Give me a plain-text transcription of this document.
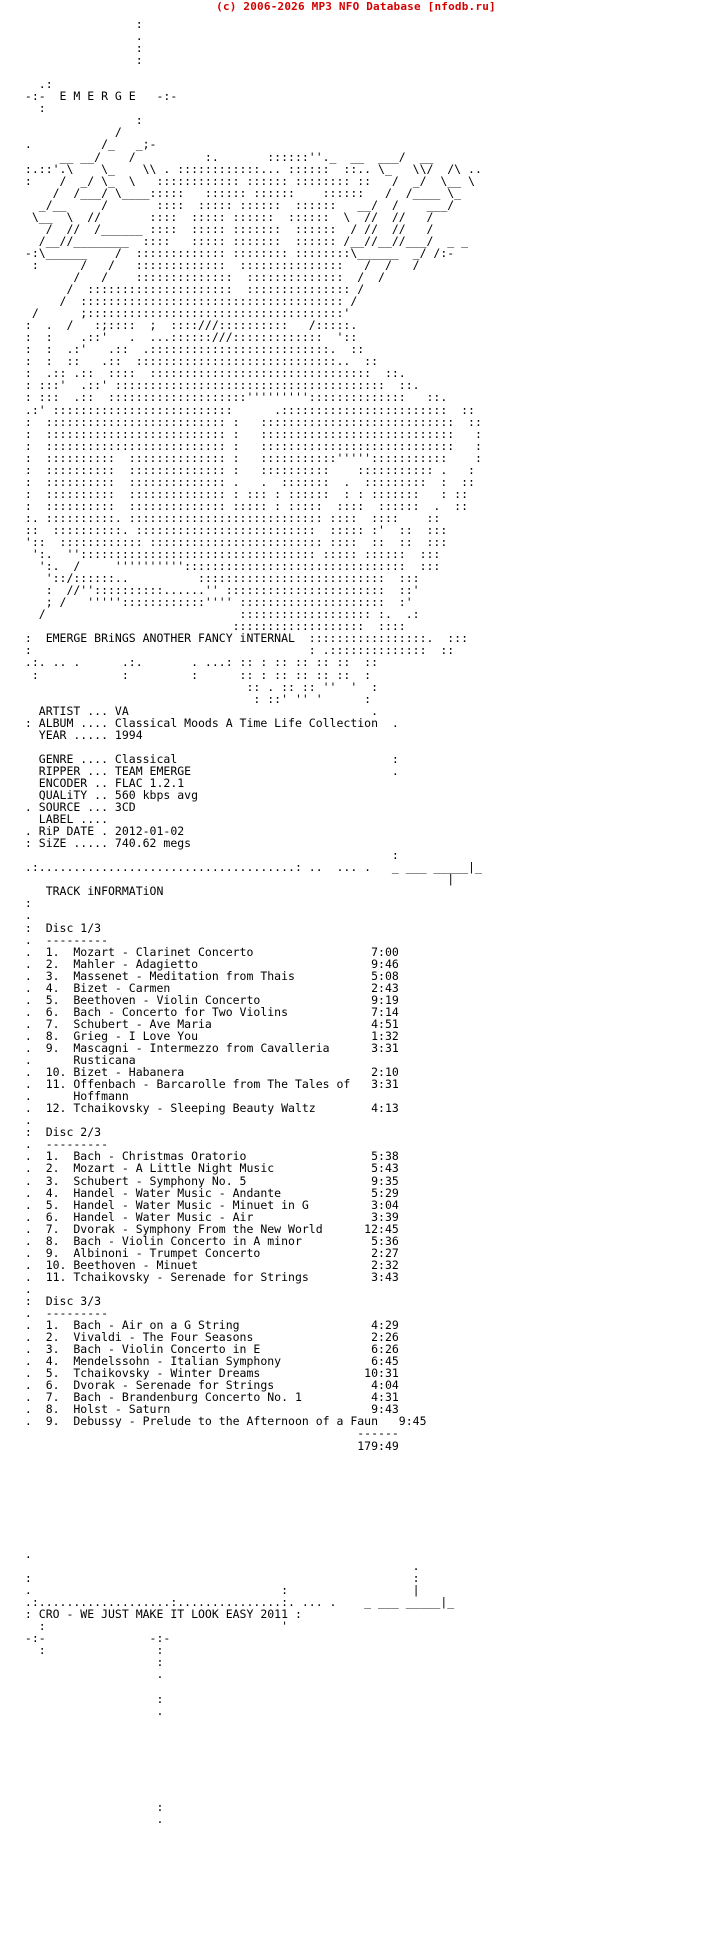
(c) 2006-2026 MP3 NFO Database [nfodb.ru]
:
.
:
:
.:
-:-  E M E R G E   -:-
:
:
/
.          /_   _;-
__ __/    /          :.       ::::::''._  __  ___/  __
:.::'.\    \_    \\ . ::::::::::::... ::::::  ::.. \_   \\/  /\ ..
:    /  _/ \_  \   :::::::::::: :::::: :::::::: ::   /  _/  \__ \
/  /___/ \____:::::   :::::: ::::::    ::::::   /  /____ \_
_/__     /       ::::  ::::: ::::::  ::::::   __/  /    ___/
\__  \  //       ::::  ::::: ::::::  ::::::  \  //  //   /
/  //  /______ ::::  ::::: :::::::  ::::::  / //  //   /
/__//________  ::::   ::::: :::::::  :::::: /__//__//___/  _ _
-:\______    /  ::::::::::::: :::::::: ::::::::\______  _/ /:-
:      /   /   :::::::::::::  :::::::::::::::   /  /   /
/   /    ::::::::::::::  ::::::::::::::  /  /
/  :::::::::::::::::::::  ::::::::::::::: /
/  :::::::::::::::::::::::::::::::::::::: /
/      ;:::::::::::::::::::::::::::::::::::::'
:  .  /   :;::::  ;  ::::///::::::::::   /:::::.
:  :    .::'   .  ...::::::///:::::::::::::  '::
:  :  .:'   .::  .::::::::::::::::::::::::::.  ::
:  :  ::   .::  :::::::::::::::::::::::::::::..  ::
:  .:: .::  ::::  ::::::::::::::::::::::::::::::::  ::.
: :::'  .::' :::::::::::::::::::::::::::::::::::::::  ::.
: :::  .::  ::::::::::::::::::::'''''''''::::::::::::::   ::.
.:' ::::::::::::::::::::::::::      .::::::::::::::::::::::::  ::
:  :::::::::::::::::::::::::: :   ::::::::::::::::::::::::::::  ::
:  :::::::::::::::::::::::::: :   ::::::::::::::::::::::::::::   :
:  :::::::::::::::::::::::::: :   ::::::::::::::::::::::::::::   :
:  ::::::::::  :::::::::::::: :   :::::::::::''''':::::::::::    :
:  ::::::::::  :::::::::::::: :   ::::::::::    ::::::::::: .   :
:  ::::::::::  :::::::::::::: .   .  :::::::  .  :::::::::  :  ::
:  ::::::::::  :::::::::::::: : ::: : ::::::  : : :::::::   : ::
:  ::::::::::  :::::::::::::: ::::: : :::::  ::::  ::::::  .  ::
:. ::::::::::. :::::::::::::::::::::::::::: ::::  ::::    ::
::  ::::::::::. ::::::::::::::::::::::::::  ::::: :'  ::  :::
'::  :::::::::::: ::::::::::::::::::::::::: ::::  ::  ::  :::
':.  '':::::::::::::::::::::::::::::::::: ::::: ::::::  :::
':.  /     ''''''''''::::::::::::::::::::::::::::::::  :::
'::/::::::..          :::::::::::::::::::::::::::  :::
:  //''::::::::::......'' :::::::::::::::::::::::  ::'
; /   '''''::::::::::::'''' :::::::::::::::::::::  :'
/                            ::::::::::::::::::: :.  .:
:::::::::::::::::::  ::::
:  EMERGE BRiNGS ANOTHER FANCY iNTERNAL  :::::::::::::::::.  :::
:                                        : .::::::::::::::  ::
.:. .. .      .:.       . ...: :: : :: :: :: ::  ::
:            :         :      :: : :: :: :: ::  :
:: . :: :: ''  '  :
: ::' '' '      :
ARTIST ... VA                                   .
: ALBUM .... Classical Moods A Time Life Collection  .
YEAR ..... 1994
GENRE .... Classical                               :
RIPPER ... TEAM EMERGE                             .
ENCODER .. FLAC 1.2.1
QUALiTY .. 560 kbps avg
. SOURCE ... 3CD
LABEL ....
. RiP DATE . 2012-01-02
: SiZE ..... 740.62 megs
:
.:.....................................: ..  ... .   _ ___ _____|_
|
TRACK iNFORMATiON
:
.
:  Disc 1/3
.  ---------
.  1.  Mozart - Clarinet Concerto                 7:00
.  2.  Mahler - Adagietto                         9:46
.  3.  Massenet - Meditation from Thais           5:08
.  4.  Bizet - Carmen                             2:43
.  5.  Beethoven - Violin Concerto                9:19
.  6.  Bach - Concerto for Two Violins            7:14
.  7.  Schubert - Ave Maria                       4:51
.  8.  Grieg - I Love You                         1:32
.  9.  Mascagni - Intermezzo from Cavalleria      3:31
.      Rusticana
.  10. Bizet - Habanera                           2:10
.  11. Offenbach - Barcarolle from The Tales of   3:31
.      Hoffmann
.  12. Tchaikovsky - Sleeping Beauty Waltz        4:13
.
:  Disc 2/3
.  ---------
.  1.  Bach - Christmas Oratorio                  5:38
.  2.  Mozart - A Little Night Music              5:43
.  3.  Schubert - Symphony No. 5                  9:35
.  4.  Handel - Water Music - Andante             5:29
.  5.  Handel - Water Music - Minuet in G         3:04
.  6.  Handel - Water Music - Air                 3:39
.  7.  Dvorak - Symphony From the New World      12:45
.  8.  Bach - Violin Concerto in A minor          5:36
.  9.  Albinoni - Trumpet Concerto                2:27
.  10. Beethoven - Minuet                         2:32
.  11. Tchaikovsky - Serenade for Strings         3:43
.
:  Disc 3/3
.  ---------
.  1.  Bach - Air on a G String                   4:29
.  2.  Vivaldi - The Four Seasons                 2:26
.  3.  Bach - Violin Concerto in E                6:26
.  4.  Mendelssohn - Italian Symphony             6:45
.  5.  Tchaikovsky - Winter Dreams               10:31
.  6.  Dvorak - Serenade for Strings              4:04
.  7.  Bach - Brandenburg Concerto No. 1          4:31
.  8.  Holst - Saturn                             9:43
.  9.  Debussy - Prelude to the Afternoon of a Faun   9:45
------
179:49
.
.
:                                                       :
.                                    :                  |
.:...................:...............:. ... .    _ ___ _____|_
: CRO - WE JUST MAKE IT LOOK EASY 2011 :
:                                  '
-:-               -:-
:                :
:
.
:
.
:
.
